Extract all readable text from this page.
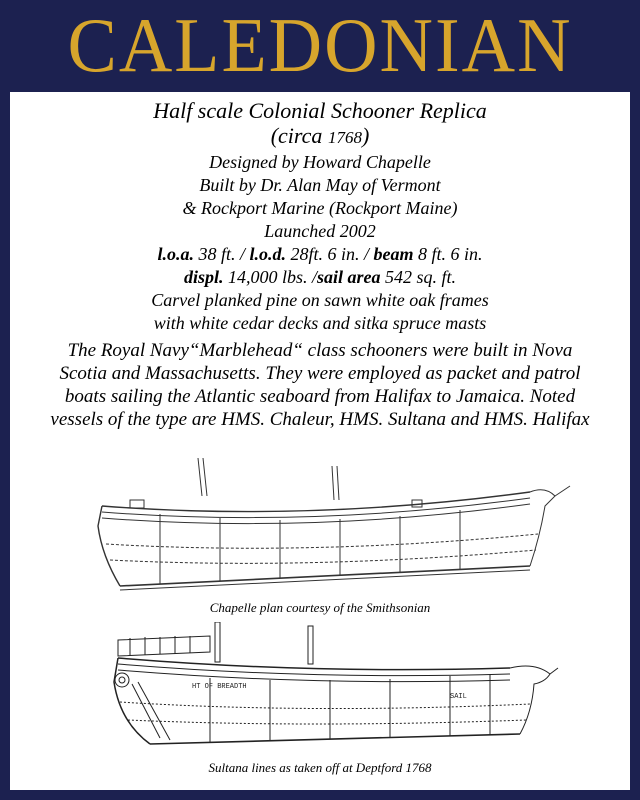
CALEDONIAN
Half scale Colonial Schooner Replica
(circa 1768)
Designed by Howard Chapelle
Built by Dr. Alan May of Vermont
& Rockport Marine (Rockport Maine)
Launched 2002
l.o.a. 38 ft. / l.o.d. 28ft. 6 in. / beam 8 ft. 6 in.
displ. 14,000 lbs. /sail area 542 sq. ft.
Carvel planked pine on sawn white oak frames
with white cedar decks and sitka spruce masts
The Royal Navy“Marblehead“ class schooners were built in Nova
Scotia and Massachusetts. They were employed as packet and patrol
boats sailing the Atlantic seaboard from Halifax to Jamaica. Noted
vessels of the type are HMS. Chaleur, HMS. Sultana and HMS. Halifax
Chapelle plan courtesy of the Smithsonian
HT OF BREADTH
SAIL
Sultana lines as taken off at Deptford 1768
